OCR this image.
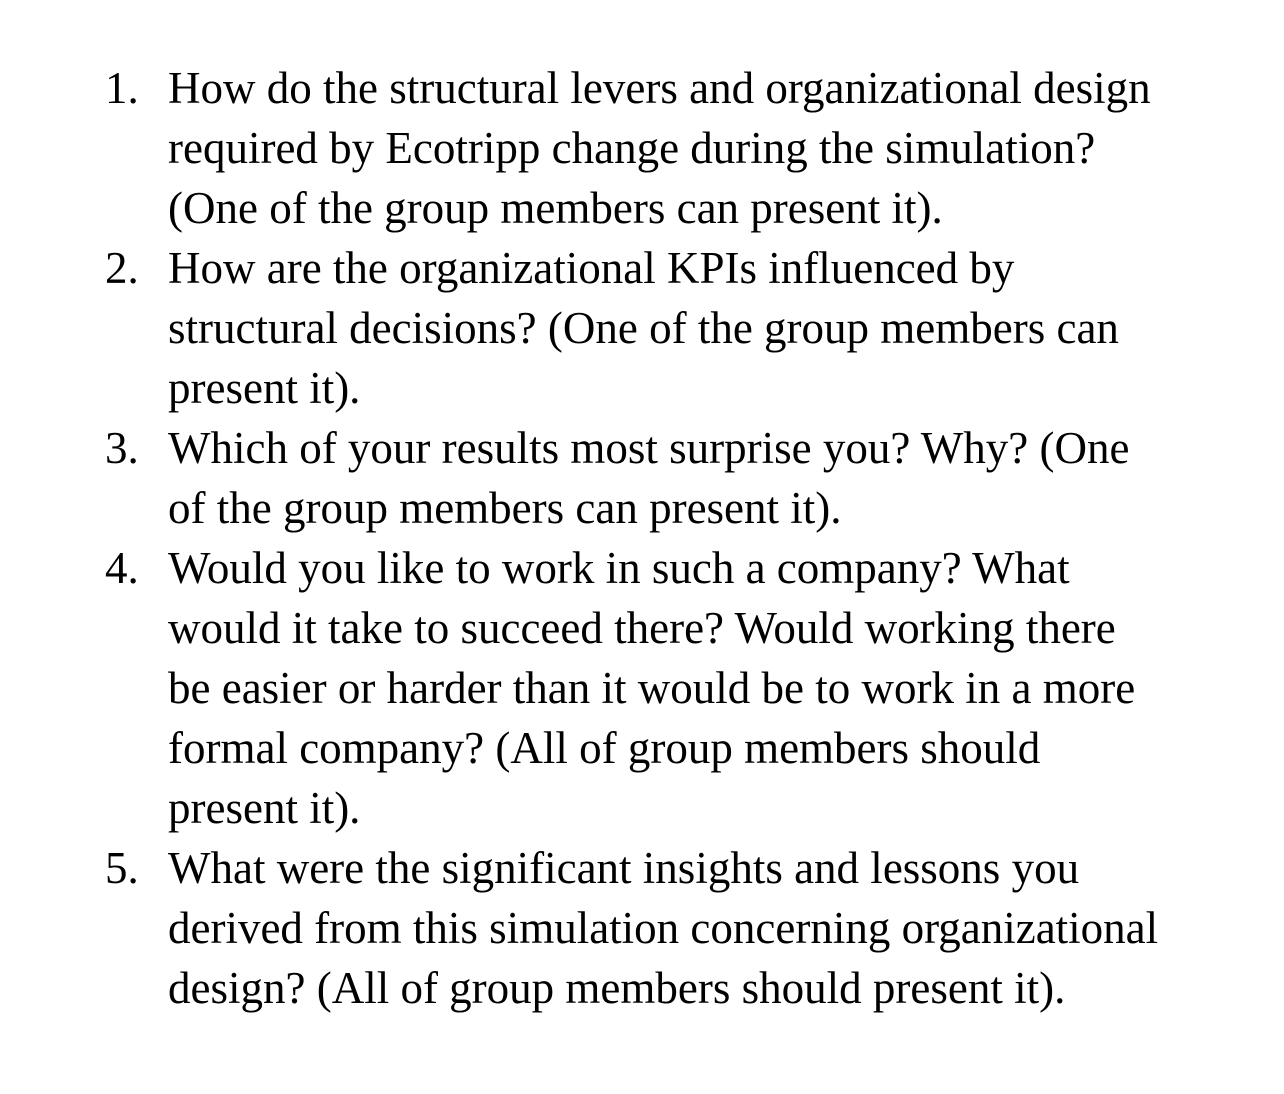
1. How do the structural levers and organizational design
required by Ecotripp change during the simulation?
(One of the group members can present it).
2. How are the organizational KPIs influenced by
structural decisions? (One of the group members can
present it).
3. Which of your results most surprise you? Why? (One
of the group members can present it).
4. Would you like to work in such a company? What
would it take to succeed there? Would working there
be easier or harder than it would be to work in a more
formal company? (All of group members should
present it).
5. What were the significant insights and lessons you
derived from this simulation concerning organizational
design? (All of group members should present it).
